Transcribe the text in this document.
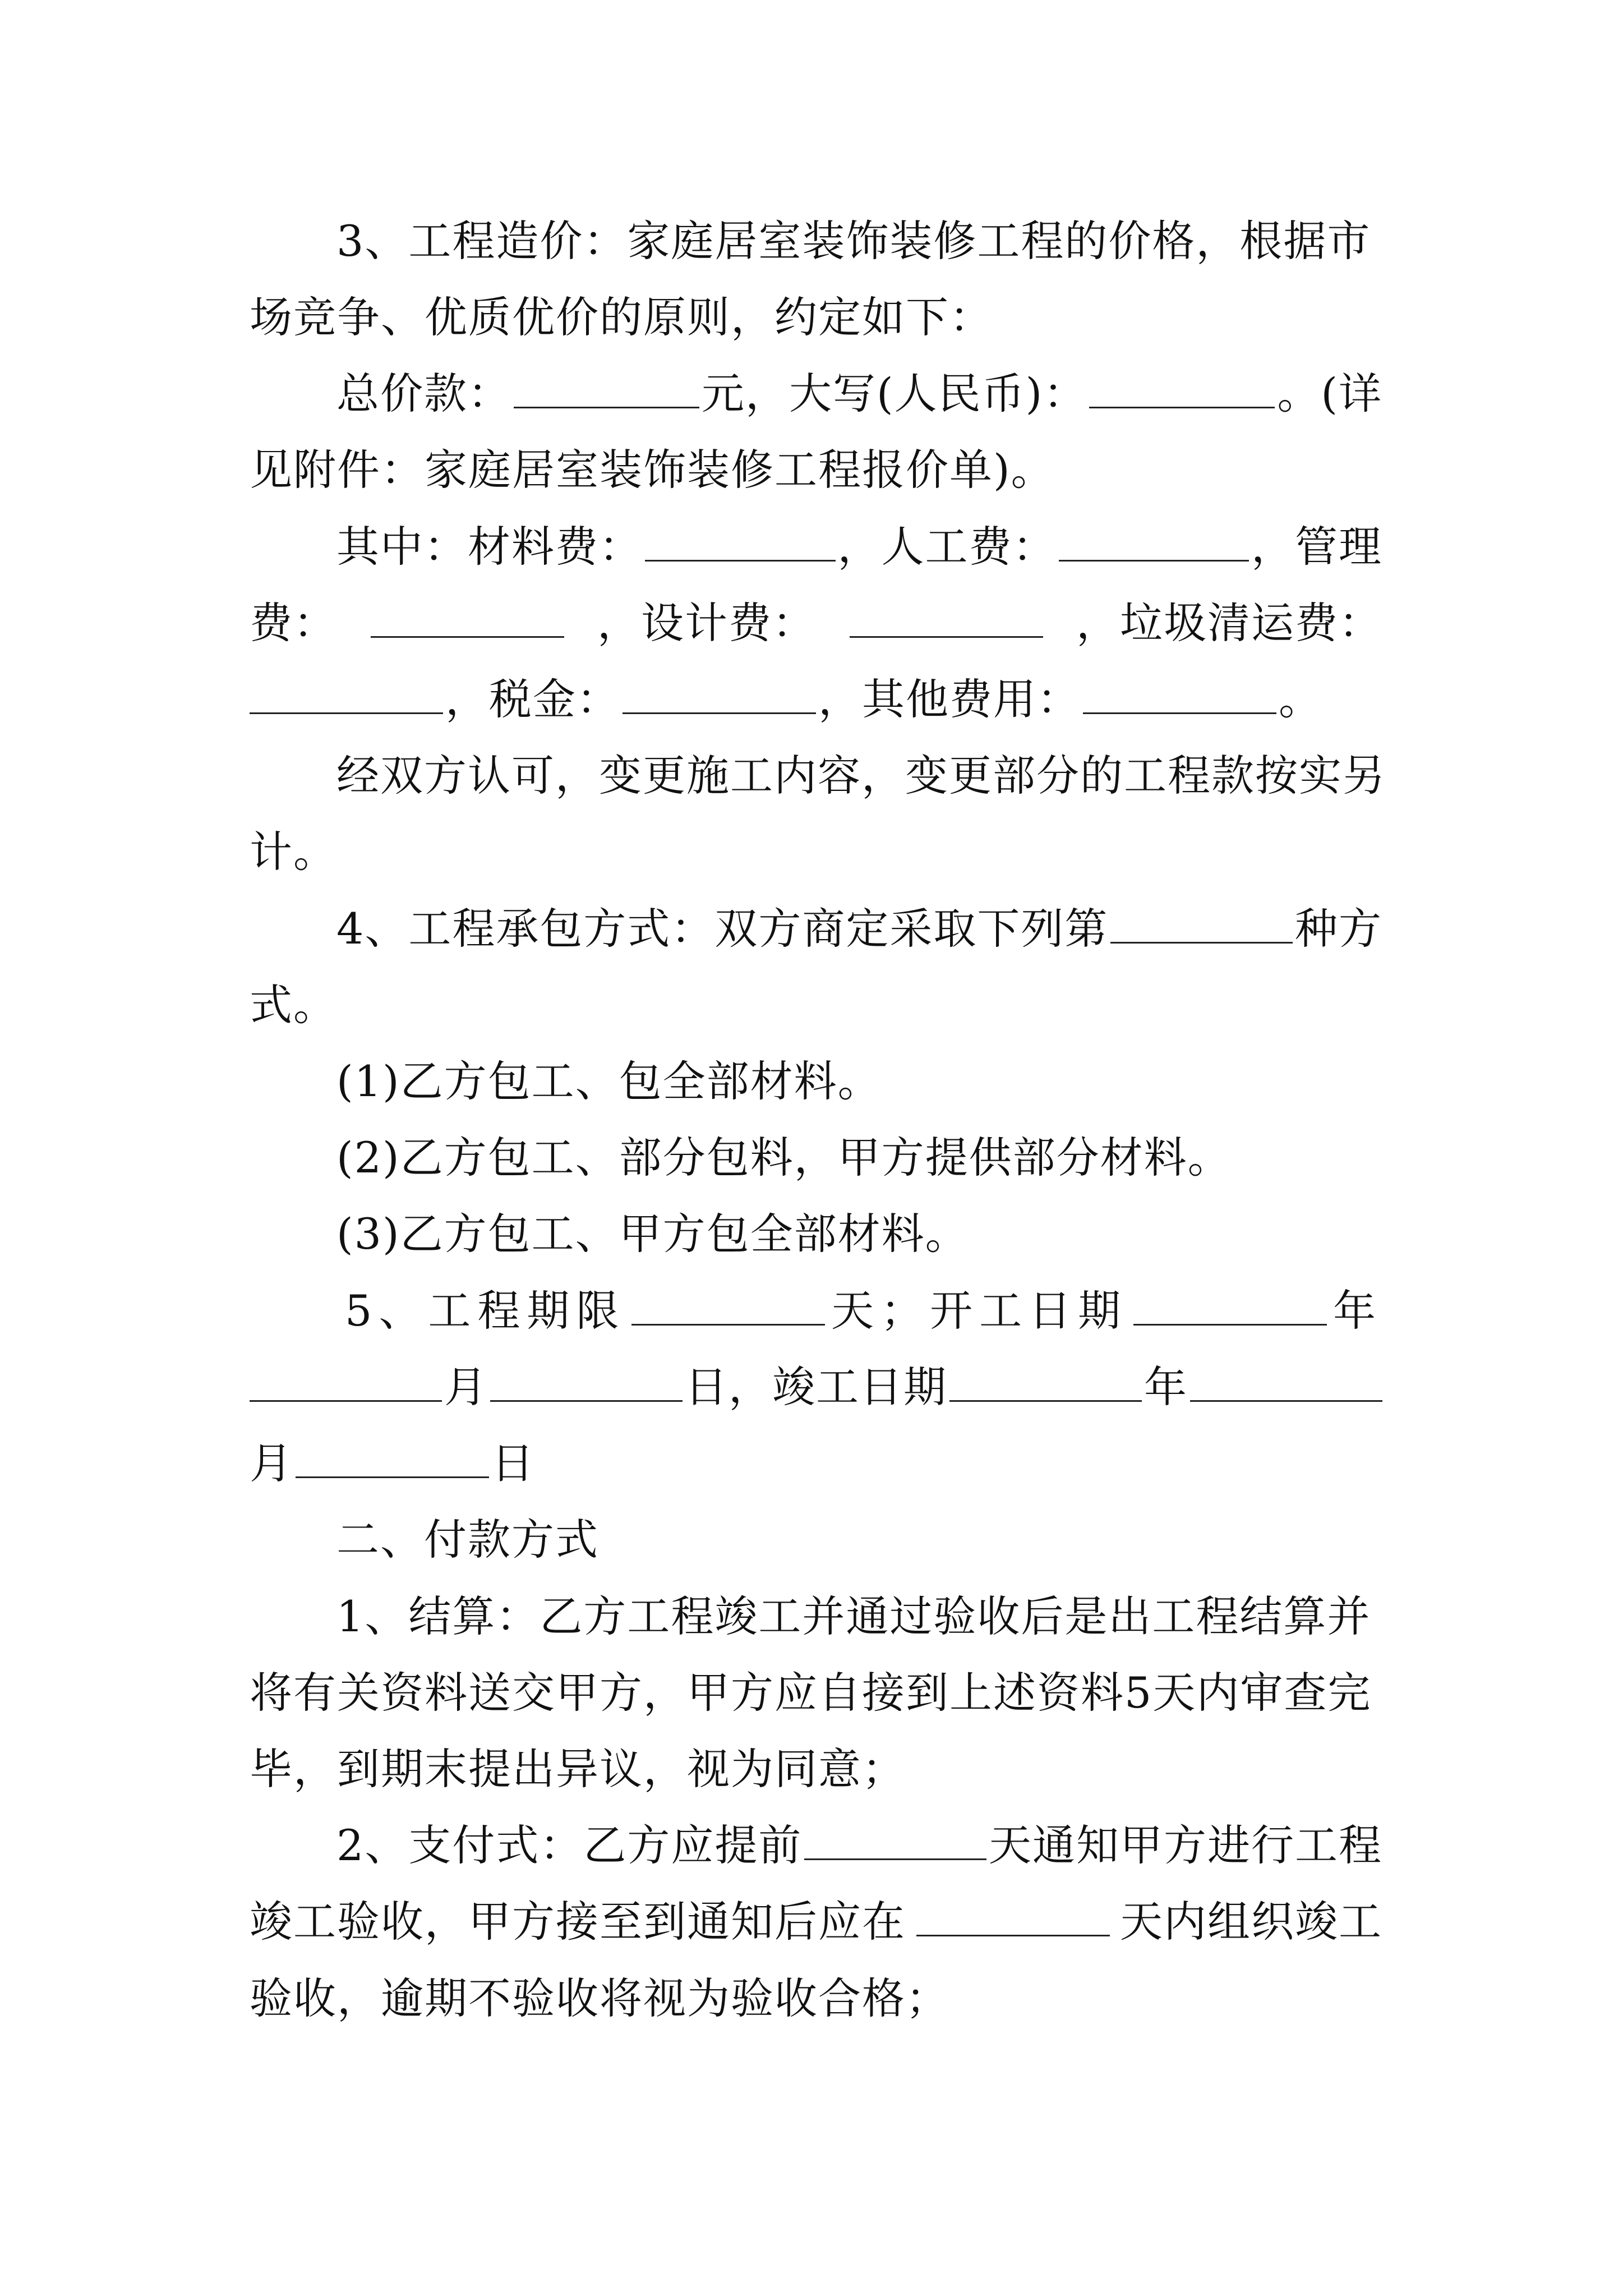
3、工程造价：家庭居室装饰装修工程的价格，根据市
场竞争、优质优价的原则，约定如下：
总价款：	元，大写(人民币)：	。(详
见附件：家庭居室装饰装修工程报价单)。
其中：材料费：	，人工费：	，管理
费：	，设计费：	，垃圾清运费：
，税金：	，其他费用：	。
经双方认可，变更施工内容，变更部分的工程款按实另
计。
4、工程承包方式：双方商定采取下列第	种方
式。
(1)乙方包工、包全部材料。
(2)乙方包工、部分包料，甲方提供部分材料。
(3)乙方包工、甲方包全部材料。
5、工程期限	天；开工日期	年
月	日，竣工日期	年
月	日
二、付款方式
1、结算：乙方工程竣工并通过验收后是出工程结算并
将有关资料送交甲方，甲方应自接到上述资料5天内审查完
毕，到期末提出异议，视为同意；
2、支付式：乙方应提前	天通知甲方进行工程
竣工验收，甲方接至到通知后应在	天内组织竣工
验收，逾期不验收将视为验收合格；
